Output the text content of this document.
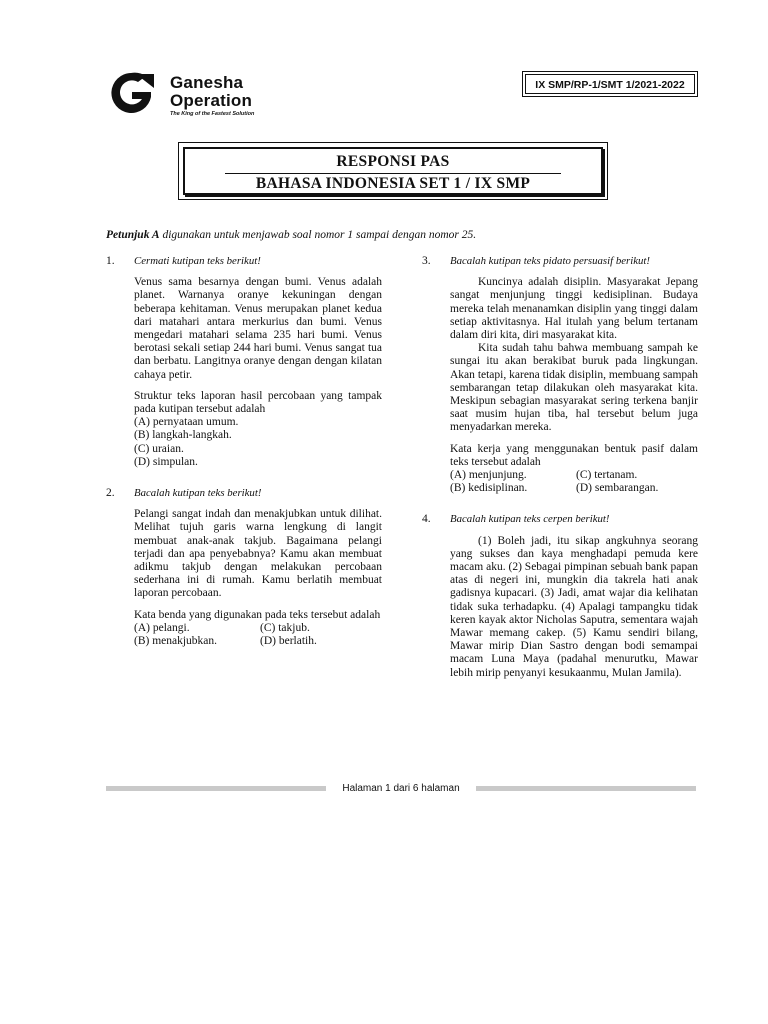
Ganesha
Operation
The King of the Fastest Solution
IX SMP/RP-1/SMT 1/2021-2022
RESPONSI PAS
BAHASA INDONESIA SET 1 / IX SMP
Petunjuk A digunakan untuk menjawab soal nomor 1 sampai dengan nomor 25.
1. Cermati kutipan teks berikut!

Venus sama besarnya dengan bumi. Venus adalah planet. Warnanya oranye kekuningan dengan beberapa kehitaman. Venus merupakan planet kedua dari matahari antara merkurius dan bumi. Venus mengedari matahari selama 235 hari bumi. Venus berotasi sekali setiap 244 hari bumi. Venus sangat tua dan berbatu. Langitnya oranye dengan dengan kilatan cahaya petir.

Struktur teks laporan hasil percobaan yang tampak pada kutipan tersebut adalah

(A) pernyataan umum.
(B) langkah-langkah.
(C) uraian.
(D) simpulan.
2. Bacalah kutipan teks berikut!

Pelangi sangat indah dan menakjubkan untuk dilihat. Melihat tujuh garis warna lengkung di langit membuat anak-anak takjub. Bagaimana pelangi terjadi dan apa penyebabnya? Kamu akan membuat adikmu takjub dengan melakukan percobaan sederhana ini di rumah. Kamu berlatih membuat laporan percobaan.

Kata benda yang digunakan pada teks tersebut adalah

(A) pelangi.	(C) takjub.
(B) menakjubkan.	(D) berlatih.
3. Bacalah kutipan teks pidato persuasif berikut!

Kuncinya adalah disiplin. Masyarakat Jepang sangat menjunjung tinggi kedisiplinan. Budaya mereka telah menanamkan disiplin yang tinggi dalam setiap aktivitasnya. Hal itulah yang belum tertanam dalam diri kita, diri masyarakat kita.

Kita sudah tahu bahwa membuang sampah ke sungai itu akan berakibat buruk pada lingkungan. Akan tetapi, karena tidak disiplin, membuang sampah sembarangan tetap dilakukan oleh masyarakat kita. Meskipun sebagian masyarakat sering terkena banjir saat musim hujan tiba, hal tersebut belum juga menyadarkan mereka.

Kata kerja yang menggunakan bentuk pasif dalam teks tersebut adalah

(A) menjunjung.	(C) tertanam.
(B) kedisiplinan.	(D) sembarangan.
4. Bacalah kutipan teks cerpen berikut!

(1) Boleh jadi, itu sikap angkuhnya seorang yang sukses dan kaya menghadapi pemuda kere macam aku. (2) Sebagai pimpinan sebuah bank papan atas di negeri ini, mungkin dia takrela hati anak gadisnya kupacari. (3) Jadi, amat wajar dia kelihatan tidak suka terhadapku. (4) Apalagi tampangku tidak keren kayak aktor Nicholas Saputra, sementara wajah Mawar memang cakep. (5) Kamu sendiri bilang, Mawar mirip Dian Sastro dengan bodi semampai macam Luna Maya (padahal menurutku, Mawar lebih mirip penyanyi kesukaanmu, Mulan Jamila).

Halaman 1 dari 6 halaman
